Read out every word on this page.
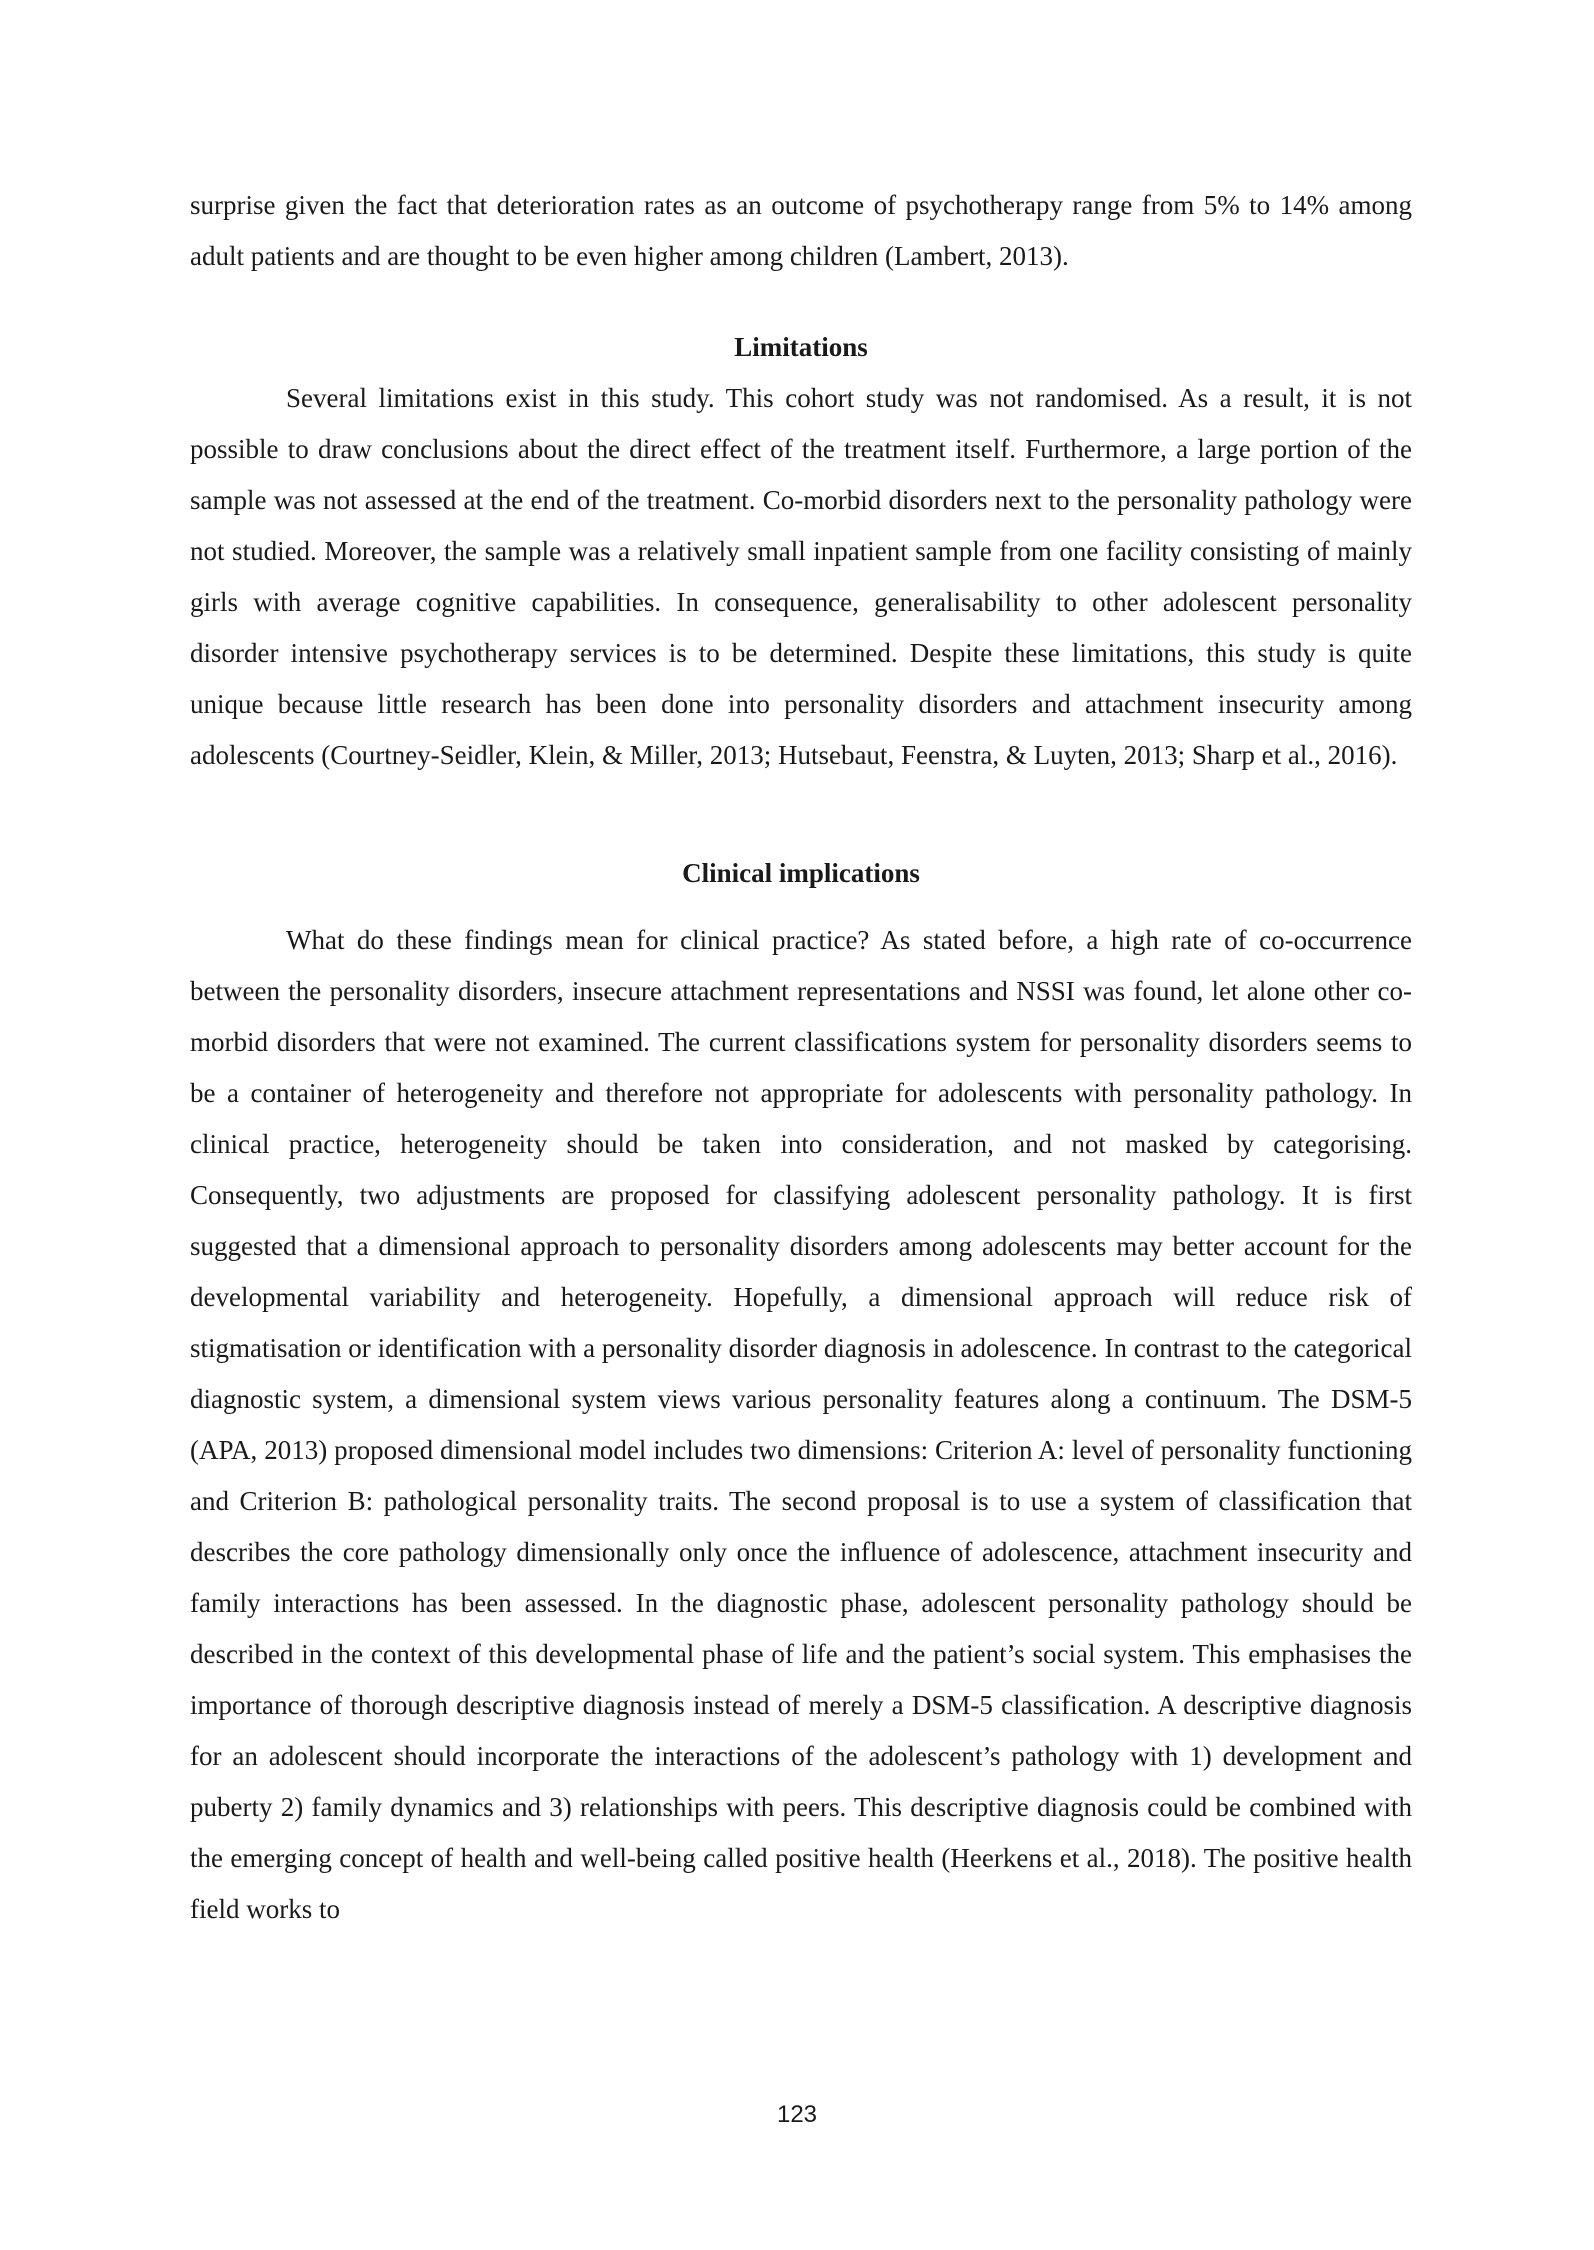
surprise given the fact that deterioration rates as an outcome of psychotherapy range from 5% to 14% among adult patients and are thought to be even higher among children (Lambert, 2013).

Limitations

Several limitations exist in this study. This cohort study was not randomised. As a result, it is not possible to draw conclusions about the direct effect of the treatment itself. Furthermore, a large portion of the sample was not assessed at the end of the treatment. Co-morbid disorders next to the personality pathology were not studied. Moreover, the sample was a relatively small inpatient sample from one facility consisting of mainly girls with average cognitive capabilities. In consequence, generalisability to other adolescent personality disorder intensive psychotherapy services is to be determined. Despite these limitations, this study is quite unique because little research has been done into personality disorders and attachment insecurity among adolescents (Courtney-Seidler, Klein, & Miller, 2013; Hutsebaut, Feenstra, & Luyten, 2013; Sharp et al., 2016).

Clinical implications

What do these findings mean for clinical practice? As stated before, a high rate of co-occurrence between the personality disorders, insecure attachment representations and NSSI was found, let alone other co-morbid disorders that were not examined. The current classifications system for personality disorders seems to be a container of heterogeneity and therefore not appropriate for adolescents with personality pathology. In clinical practice, heterogeneity should be taken into consideration, and not masked by categorising. Consequently, two adjustments are proposed for classifying adolescent personality pathology. It is first suggested that a dimensional approach to personality disorders among adolescents may better account for the developmental variability and heterogeneity. Hopefully, a dimensional approach will reduce risk of stigmatisation or identification with a personality disorder diagnosis in adolescence. In contrast to the categorical diagnostic system, a dimensional system views various personality features along a continuum. The DSM-5 (APA, 2013) proposed dimensional model includes two dimensions: Criterion A: level of personality functioning and Criterion B: pathological personality traits. The second proposal is to use a system of classification that describes the core pathology dimensionally only once the influence of adolescence, attachment insecurity and family interactions has been assessed. In the diagnostic phase, adolescent personality pathology should be described in the context of this developmental phase of life and the patient’s social system. This emphasises the importance of thorough descriptive diagnosis instead of merely a DSM-5 classification. A descriptive diagnosis for an adolescent should incorporate the interactions of the adolescent’s pathology with 1) development and puberty 2) family dynamics and 3) relationships with peers. This descriptive diagnosis could be combined with the emerging concept of health and well-being called positive health (Heerkens et al., 2018). The positive health field works to

123
